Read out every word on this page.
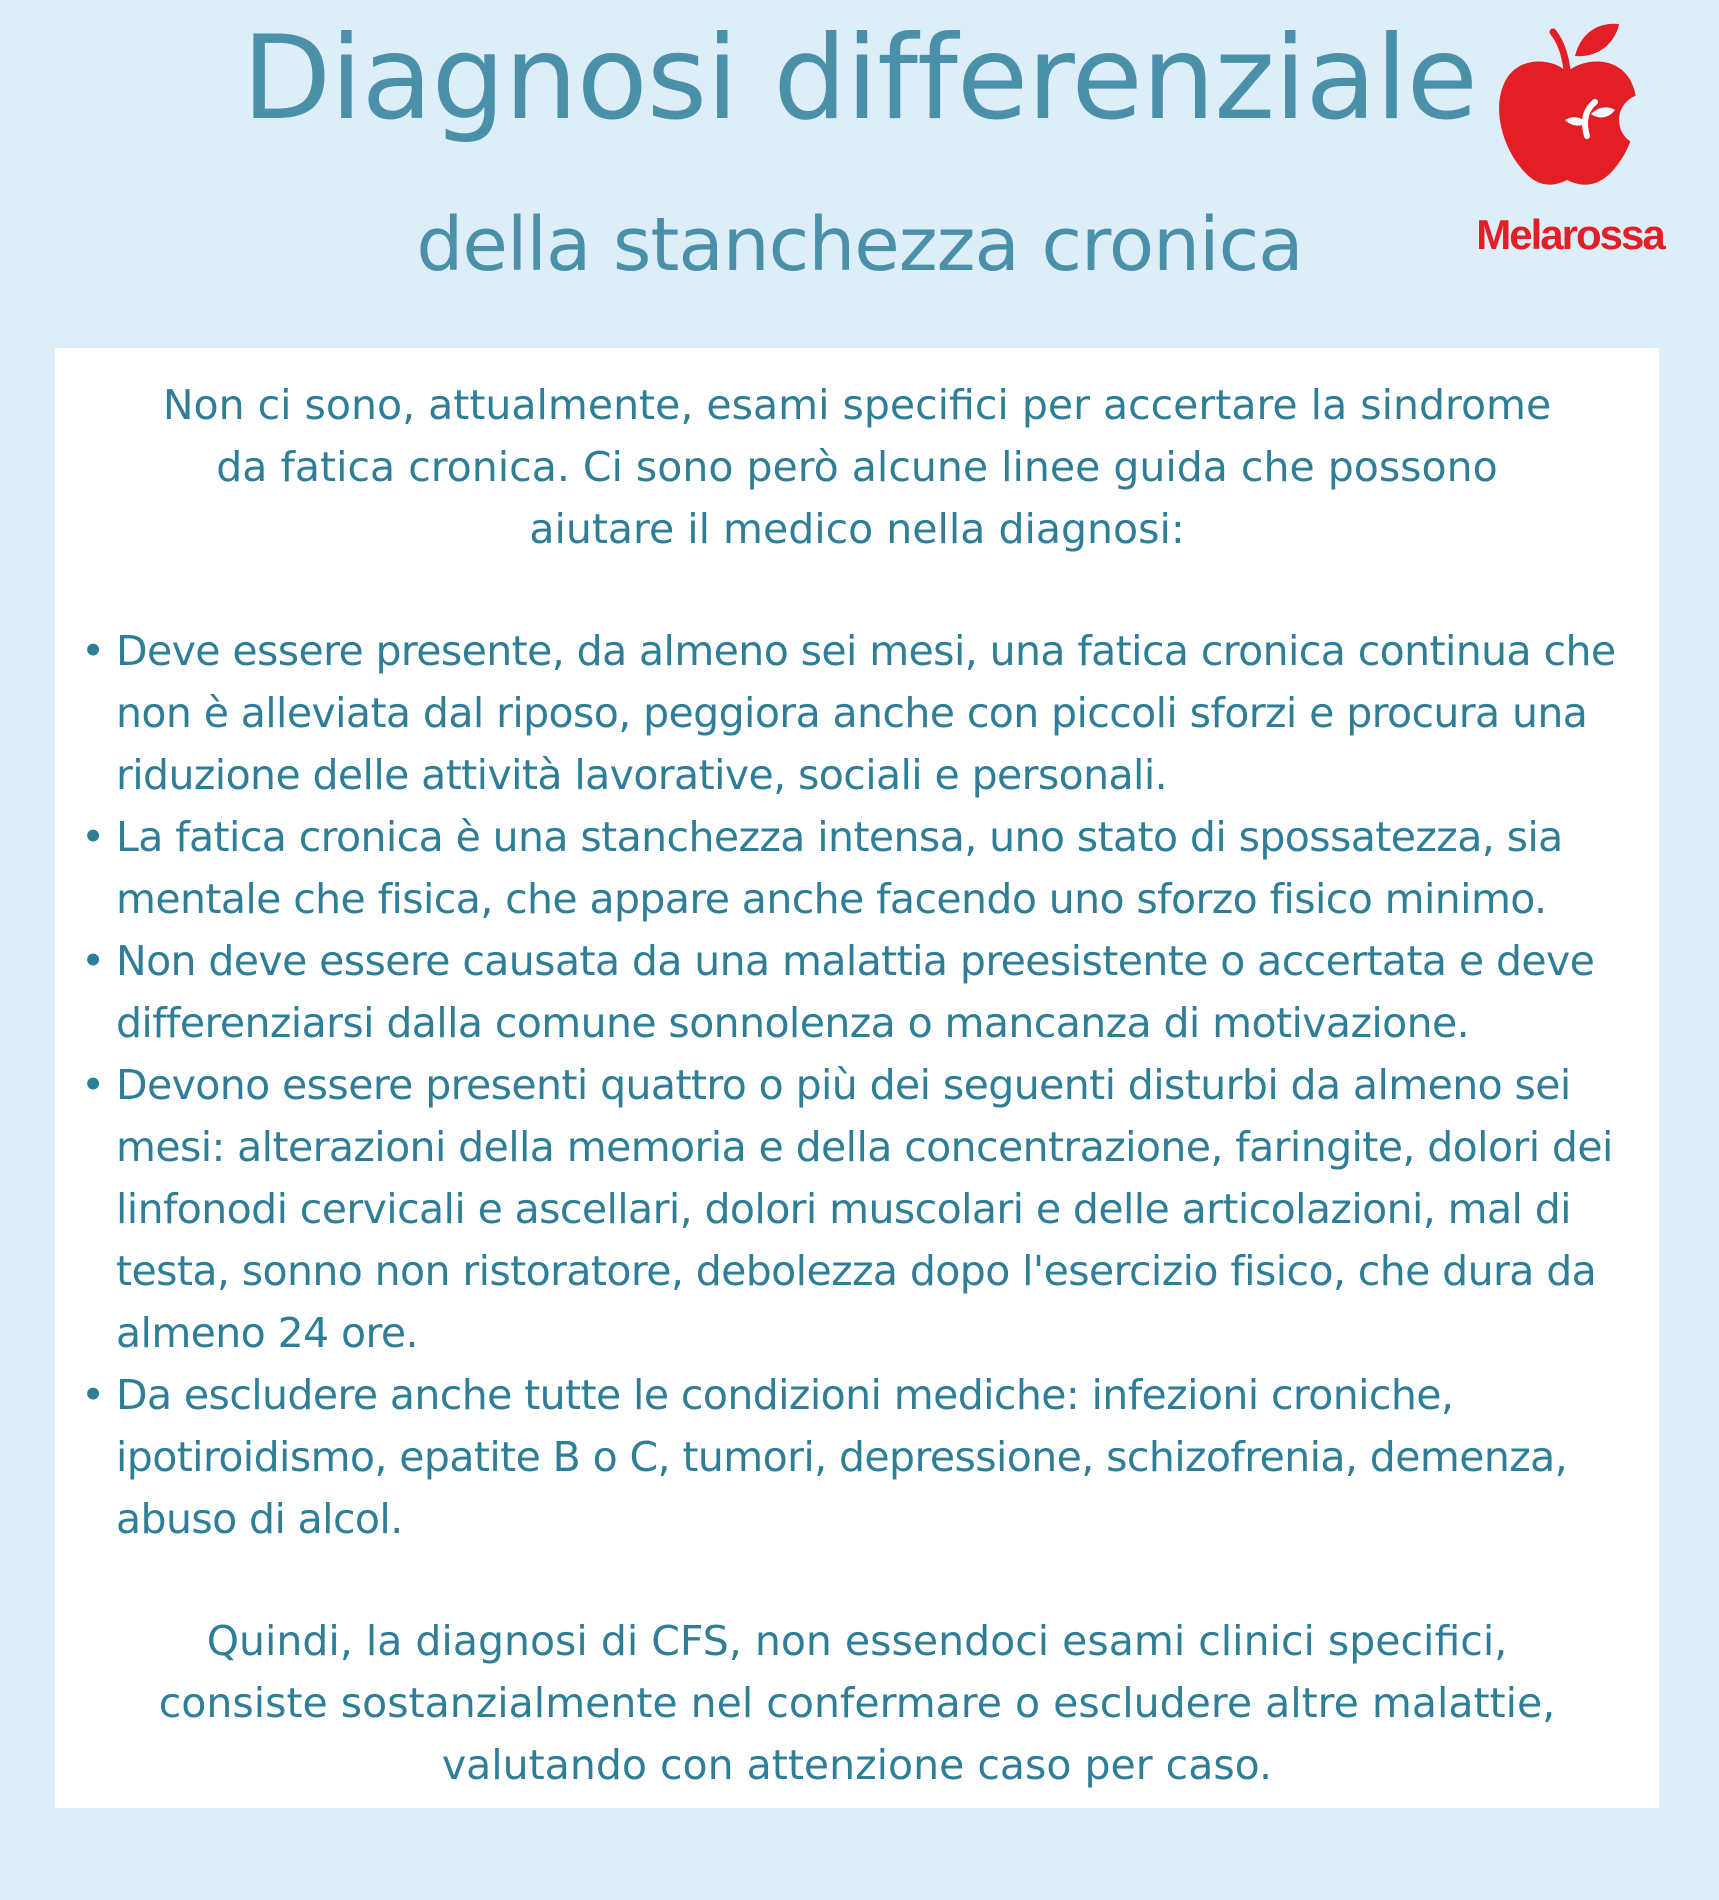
Diagnosi differenziale
della stanchezza cronica	Melarossa

Non ci sono, attualmente, esami specifici per accertare la sindrome da fatica cronica. Ci sono però alcune linee guida che possono aiutare il medico nella diagnosi:

• Deve essere presente, da almeno sei mesi, una fatica cronica continua che non è alleviata dal riposo, peggiora anche con piccoli sforzi e procura una riduzione delle attività lavorative, sociali e personali.
• La fatica cronica è una stanchezza intensa, uno stato di spossatezza, sia mentale che fisica, che appare anche facendo uno sforzo fisico minimo.
• Non deve essere causata da una malattia preesistente o accertata e deve differenziarsi dalla comune sonnolenza o mancanza di motivazione.
• Devono essere presenti quattro o più dei seguenti disturbi da almeno sei mesi: alterazioni della memoria e della concentrazione, faringite, dolori dei linfonodi cervicali e ascellari, dolori muscolari e delle articolazioni, mal di testa, sonno non ristoratore, debolezza dopo l'esercizio fisico, che dura da almeno 24 ore.
• Da escludere anche tutte le condizioni mediche: infezioni croniche, ipotiroidismo, epatite B o C, tumori, depressione, schizofrenia, demenza, abuso di alcol.

Quindi, la diagnosi di CFS, non essendoci esami clinici specifici, consiste sostanzialmente nel confermare o escludere altre malattie, valutando con attenzione caso per caso.
